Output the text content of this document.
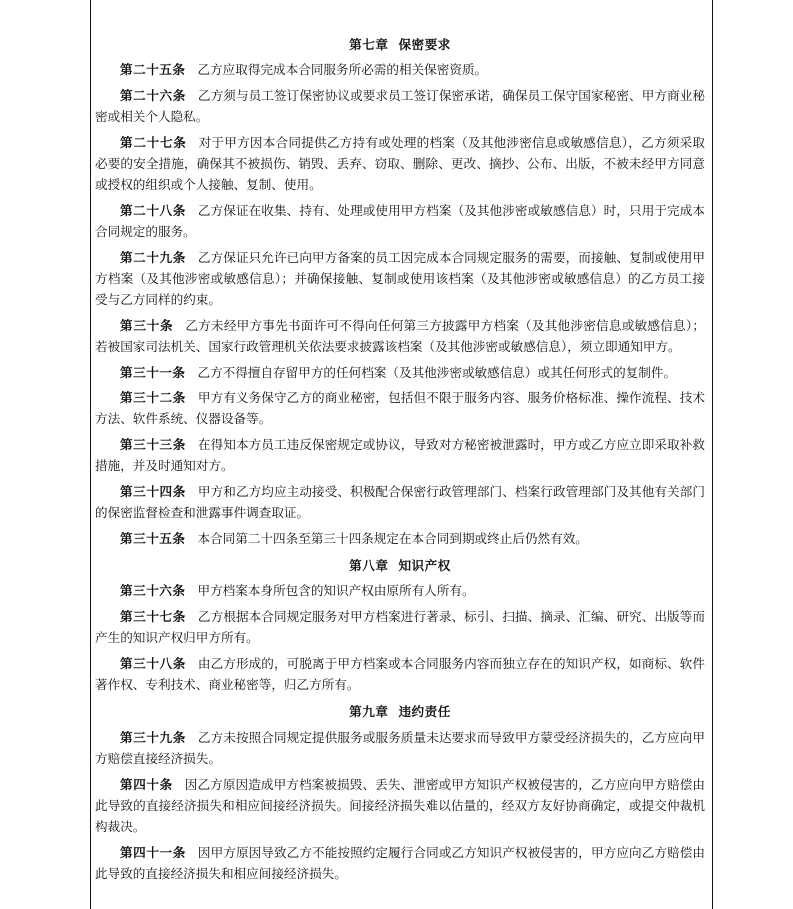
第七章 保密要求

第二十五条 乙方应取得完成本合同服务所必需的相关保密资质。

第二十六条 乙方须与员工签订保密协议或要求员工签订保密承诺，确保员工保守国家秘密、甲方商业秘密或相关个人隐私。

第二十七条 对于甲方因本合同提供乙方持有或处理的档案（及其他涉密信息或敏感信息），乙方须采取必要的安全措施，确保其不被损伤、销毁、丢弃、窃取、删除、更改、摘抄、公布、出版，不被未经甲方同意或授权的组织或个人接触、复制、使用。

第二十八条 乙方保证在收集、持有、处理或使用甲方档案（及其他涉密或敏感信息）时，只用于完成本合同规定的服务。

第二十九条 乙方保证只允许已向甲方备案的员工因完成本合同规定服务的需要，而接触、复制或使用甲方档案（及其他涉密或敏感信息）；并确保接触、复制或使用该档案（及其他涉密或敏感信息）的乙方员工接受与乙方同样的约束。

第三十条 乙方未经甲方事先书面许可不得向任何第三方披露甲方档案（及其他涉密信息或敏感信息）；若被国家司法机关、国家行政管理机关依法要求披露该档案（及其他涉密或敏感信息），须立即通知甲方。

第三十一条 乙方不得擅自存留甲方的任何档案（及其他涉密或敏感信息）或其任何形式的复制件。

第三十二条 甲方有义务保守乙方的商业秘密，包括但不限于服务内容、服务价格标准、操作流程、技术方法、软件系统、仪器设备等。

第三十三条 在得知本方员工违反保密规定或协议，导致对方秘密被泄露时，甲方或乙方应立即采取补救措施，并及时通知对方。

第三十四条 甲方和乙方均应主动接受、积极配合保密行政管理部门、档案行政管理部门及其他有关部门的保密监督检查和泄露事件调查取证。

第三十五条 本合同第二十四条至第三十四条规定在本合同到期或终止后仍然有效。

第八章 知识产权

第三十六条 甲方档案本身所包含的知识产权由原所有人所有。

第三十七条 乙方根据本合同规定服务对甲方档案进行著录、标引、扫描、摘录、汇编、研究、出版等而产生的知识产权归甲方所有。

第三十八条 由乙方形成的，可脱离于甲方档案或本合同服务内容而独立存在的知识产权，如商标、软件著作权、专利技术、商业秘密等，归乙方所有。

第九章 违约责任

第三十九条 乙方未按照合同规定提供服务或服务质量未达要求而导致甲方蒙受经济损失的，乙方应向甲方赔偿直接经济损失。

第四十条 因乙方原因造成甲方档案被损毁、丢失、泄密或甲方知识产权被侵害的，乙方应向甲方赔偿由此导致的直接经济损失和相应间接经济损失。间接经济损失难以估量的，经双方友好协商确定，或提交仲裁机构裁决。

第四十一条 因甲方原因导致乙方不能按照约定履行合同或乙方知识产权被侵害的，甲方应向乙方赔偿由此导致的直接经济损失和相应间接经济损失。
